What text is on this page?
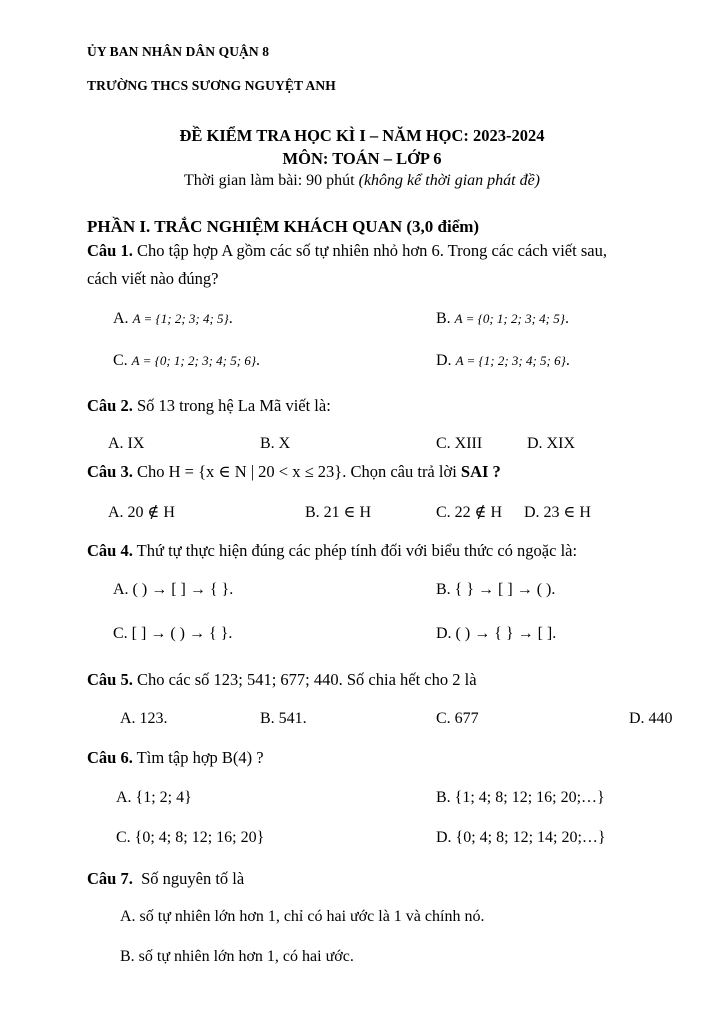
ỦY BAN NHÂN DÂN QUẬN 8
TRƯỜNG THCS SƯƠNG NGUYỆT ANH
ĐỀ KIỂM TRA HỌC KÌ I – NĂM HỌC: 2023-2024
MÔN: TOÁN – LỚP 6
Thời gian làm bài: 90 phút (không kể thời gian phát đề)
PHẦN I. TRẮC NGHIỆM KHÁCH QUAN (3,0 điểm)
Câu 1. Cho tập hợp A gồm các số tự nhiên nhỏ hơn 6. Trong các cách viết sau,
cách viết nào đúng?
A. A = {1; 2; 3; 4; 5}.	B. A = {0; 1; 2; 3; 4; 5}.
C. A = {0; 1; 2; 3; 4; 5; 6}.	D. A = {1; 2; 3; 4; 5; 6}.
Câu 2. Số 13 trong hệ La Mã viết là:
A. IX	B. X	C. XIII	D. XIX
Câu 3. Cho H = {x ∈ N | 20 < x ≤ 23}. Chọn câu trả lời SAI ?
A. 20 ∉ H	B. 21 ∈ H	C. 22 ∉ H D. 23 ∈ H
Câu 4. Thứ tự thực hiện đúng các phép tính đối với biểu thức có ngoặc là:
A. ( ) → [ ] → { }.	B. { } → [ ] → ( ).
C. [ ] → ( ) → { }.	D. ( ) → { } → [ ].
Câu 5. Cho các số 123; 541; 677; 440. Số chia hết cho 2 là
A. 123.	B. 541.	C. 677	D. 440
Câu 6. Tìm tập hợp B(4) ?
A. {1; 2; 4}	B. {1; 4; 8; 12; 16; 20;…}
C. {0; 4; 8; 12; 16; 20}	D. {0; 4; 8; 12; 14; 20;…}
Câu 7.  Số nguyên tố là
A. số tự nhiên lớn hơn 1, chỉ có hai ước là 1 và chính nó.
B. số tự nhiên lớn hơn 1, có hai ước.
